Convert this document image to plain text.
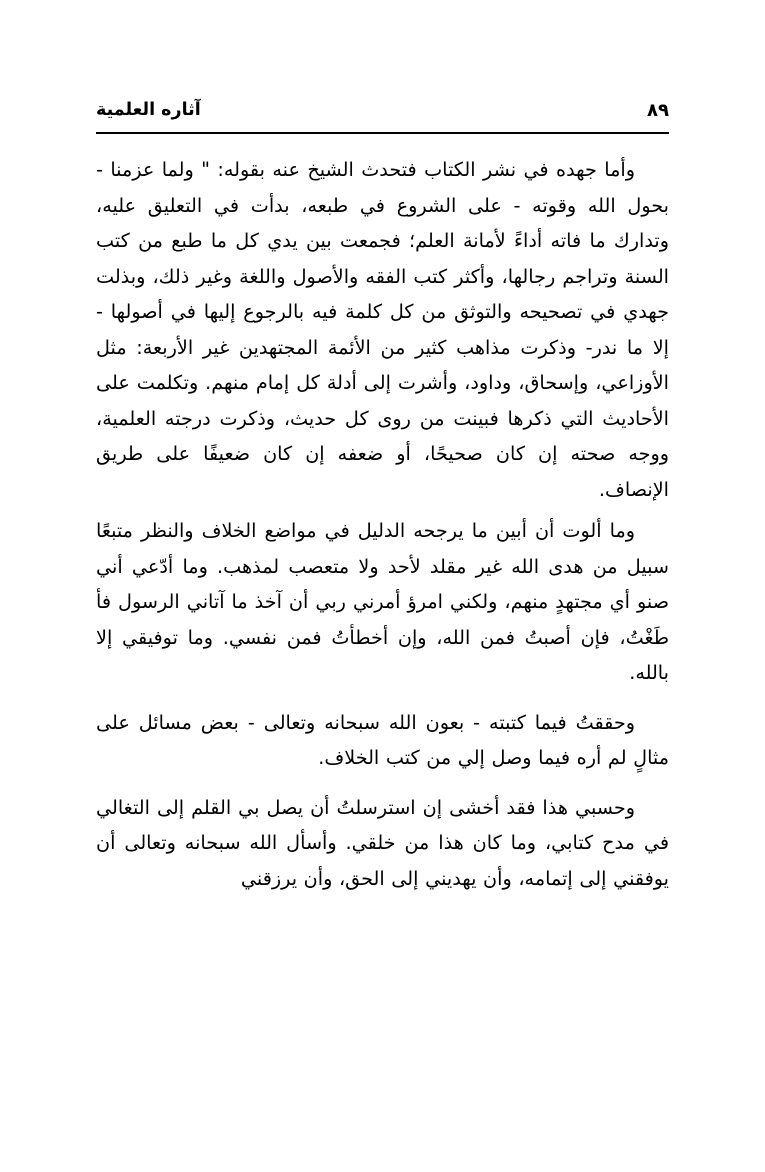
٨٩
آثاره العلمية

وأما جهده في نشر الكتاب فتحدث الشيخ عنه بقوله: " ولما عزمنا - بحول الله وقوته - على الشروع في طبعه، بدأت في التعليق عليه، وتدارك ما فاته أداءً لأمانة العلم؛ فجمعت بين يدي كل ما طبع من كتب السنة وتراجم رجالها، وأكثر كتب الفقه والأصول واللغة وغير ذلك، وبذلت جهدي في تصحيحه والتوثق من كل كلمة فيه بالرجوع إليها في أصولها - إلا ما ندر- وذكرت مذاهب كثير من الأئمة المجتهدين غير الأربعة: مثل الأوزاعي، وإسحاق، وداود، وأشرت إلى أدلة كل إمام منهم. وتكلمت على الأحاديث التي ذكرها فبينت من روى كل حديث، وذكرت درجته العلمية، ووجه صحته إن كان صحيحًا، أو ضعفه إن كان ضعيفًا على طريق الإنصاف.

وما ألوت أن أبين ما يرجحه الدليل في مواضع الخلاف والنظر متبعًا سبيل من هدى الله غير مقلد لأحد ولا متعصب لمذهب. وما أدّعي أني صنو أي مجتهدٍ منهم، ولكني امرؤ أمرني ربي أن آخذ ما آتاني الرسول فأ طَغْتُ، فإن أصبتُ فمن الله، وإن أخطأتُ فمن نفسي. وما توفيقي إلا بالله.

وحققتُ فيما كتبته - بعون الله سبحانه وتعالى - بعض مسائل على مثالٍ لم أره فيما وصل إلي من كتب الخلاف.

وحسبي هذا فقد أخشى إن استرسلتُ أن يصل بي القلم إلى التغالي في مدح كتابي، وما كان هذا من خلقي. وأسأل الله سبحانه وتعالى أن يوفقني إلى إتمامه، وأن يهديني إلى الحق، وأن يرزقني
